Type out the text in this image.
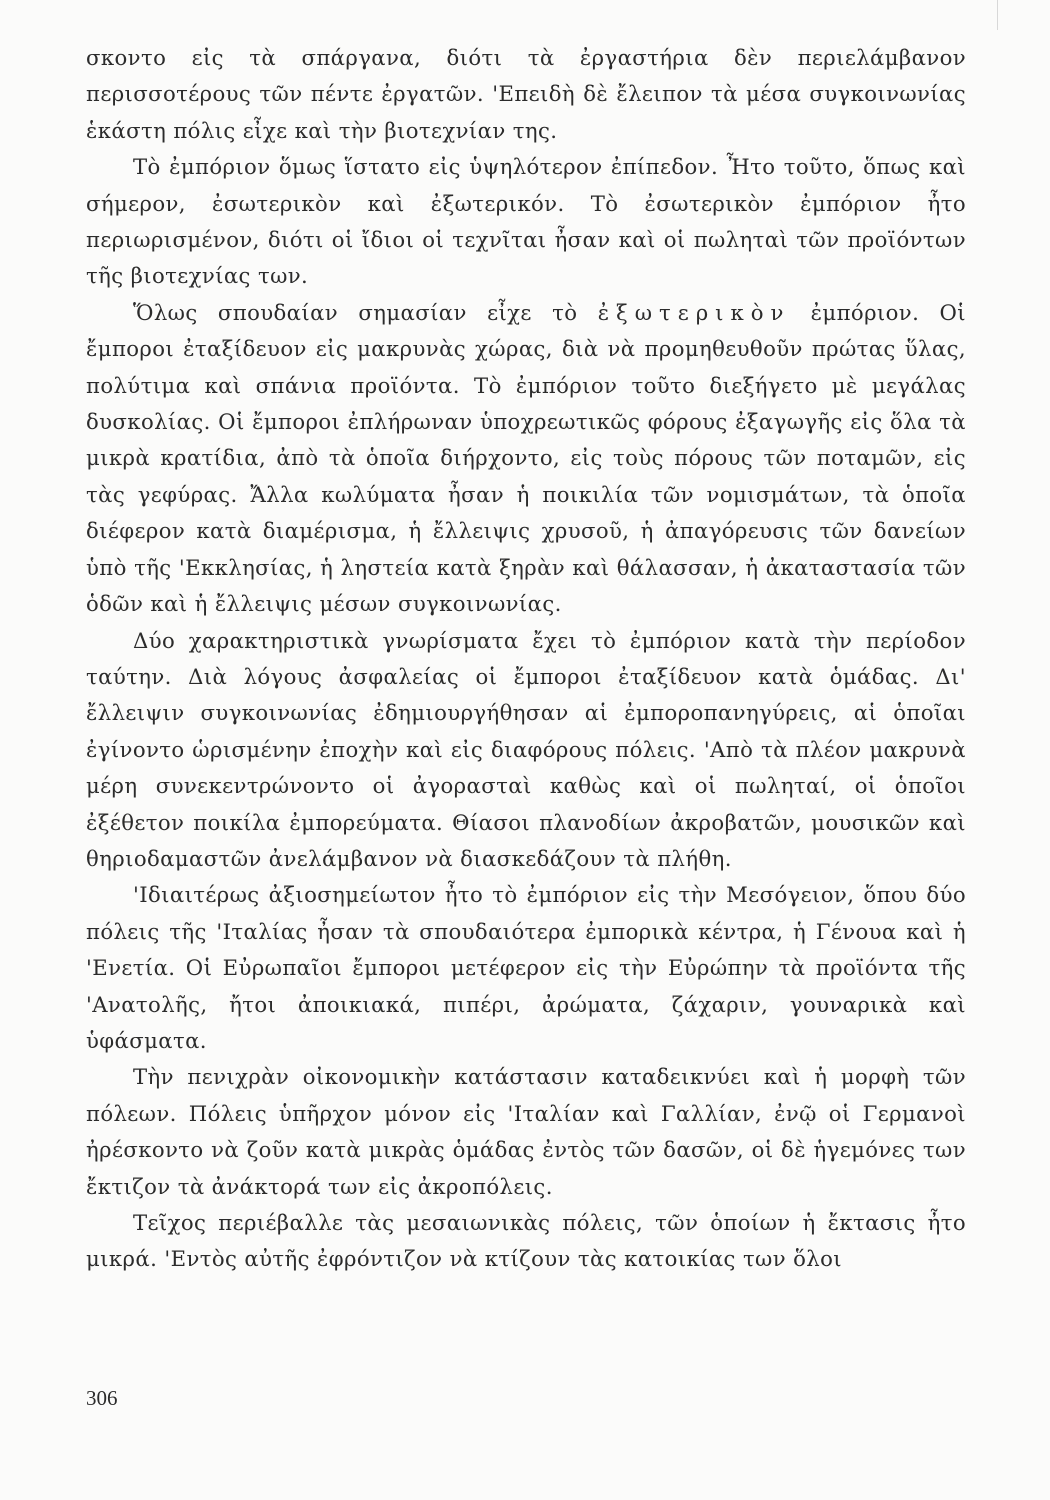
σκοντο εἰς τὰ σπάργανα, διότι τὰ ἐργαστήρια δὲν περιελάμβανον περισσοτέρους τῶν πέντε ἐργατῶν. 'Επειδὴ δὲ ἔλειπον τὰ μέσα συγκοινωνίας ἑκάστη πόλις εἶχε καὶ τὴν βιοτεχνίαν της.

Τὸ ἐμπόριον ὅμως ἵστατο εἰς ὑψηλότερον ἐπίπεδον. Ἦτο τοῦτο, ὅπως καὶ σήμερον, ἐσωτερικὸν καὶ ἐξωτερικόν. Τὸ ἐσωτερικὸν ἐμπόριον ἦτο περιωρισμένον, διότι οἱ ἴδιοι οἱ τεχνῖται ἦσαν καὶ οἱ πωληταὶ τῶν προϊόντων τῆς βιοτεχνίας των.

Ὅλως σπουδαίαν σημασίαν εἶχε τὸ ἐξωτερικὸν ἐμπόριον. Οἱ ἔμποροι ἐταξίδευον εἰς μακρυνὰς χώρας, διὰ νὰ προμηθευθοῦν πρώτας ὕλας, πολύτιμα καὶ σπάνια προϊόντα. Τὸ ἐμπόριον τοῦτο διεξήγετο μὲ μεγάλας δυσκολίας. Οἱ ἔμποροι ἐπλήρωναν ὑποχρεωτικῶς φόρους ἐξαγωγῆς εἰς ὅλα τὰ μικρὰ κρατίδια, ἀπὸ τὰ ὁποῖα διήρχοντο, εἰς τοὺς πόρους τῶν ποταμῶν, εἰς τὰς γεφύρας. Ἄλλα κωλύματα ἦσαν ἡ ποικιλία τῶν νομισμάτων, τὰ ὁποῖα διέφερον κατὰ διαμέρισμα, ἡ ἔλλειψις χρυσοῦ, ἡ ἀπαγόρευσις τῶν δανείων ὑπὸ τῆς 'Εκκλησίας, ἡ ληστεία κατὰ ξηρὰν καὶ θάλασσαν, ἡ ἀκαταστασία τῶν ὁδῶν καὶ ἡ ἔλλειψις μέσων συγκοινωνίας.

Δύο χαρακτηριστικὰ γνωρίσματα ἔχει τὸ ἐμπόριον κατὰ τὴν περίοδον ταύτην. Διὰ λόγους ἀσφαλείας οἱ ἔμποροι ἐταξίδευον κατὰ ὁμάδας. Δι' ἔλλειψιν συγκοινωνίας ἐδημιουργήθησαν αἱ ἐμποροπανηγύρεις, αἱ ὁποῖαι ἐγίνοντο ὡρισμένην ἐποχὴν καὶ εἰς διαφόρους πόλεις. 'Απὸ τὰ πλέον μακρυνὰ μέρη συνεκεντρώνοντο οἱ ἀγορασταὶ καθὼς καὶ οἱ πωληταί, οἱ ὁποῖοι ἐξέθετον ποικίλα ἐμπορεύματα. Θίασοι πλανοδίων ἀκροβατῶν, μουσικῶν καὶ θηριοδαμαστῶν ἀνελάμβανον νὰ διασκεδάζουν τὰ πλήθη.

'Ιδιαιτέρως ἀξιοσημείωτον ἦτο τὸ ἐμπόριον εἰς τὴν Μεσόγειον, ὅπου δύο πόλεις τῆς 'Ιταλίας ἦσαν τὰ σπουδαιότερα ἐμπορικὰ κέντρα, ἡ Γένουα καὶ ἡ 'Ενετία. Οἱ Εὐρωπαῖοι ἔμποροι μετέφερον εἰς τὴν Εὐρώπην τὰ προϊόντα τῆς 'Ανατολῆς, ἤτοι ἀποικιακά, πιπέρι, ἀρώματα, ζάχαριν, γουναρικὰ καὶ ὑφάσματα.

Τὴν πενιχρὰν οἰκονομικὴν κατάστασιν καταδεικνύει καὶ ἡ μορφὴ τῶν πόλεων. Πόλεις ὑπῆρχον μόνον εἰς 'Ιταλίαν καὶ Γαλλίαν, ἐνῷ οἱ Γερμανοὶ ἠρέσκοντο νὰ ζοῦν κατὰ μικρὰς ὁμάδας ἐντὸς τῶν δασῶν, οἱ δὲ ἡγεμόνες των ἔκτιζον τὰ ἀνάκτορά των εἰς ἀκροπόλεις.

Τεῖχος περιέβαλλε τὰς μεσαιωνικὰς πόλεις, τῶν ὁποίων ἡ ἔκτασις ἦτο μικρά. 'Εντὸς αὐτῆς ἐφρόντιζον νὰ κτίζουν τὰς κατοικίας των ὅλοι

306
